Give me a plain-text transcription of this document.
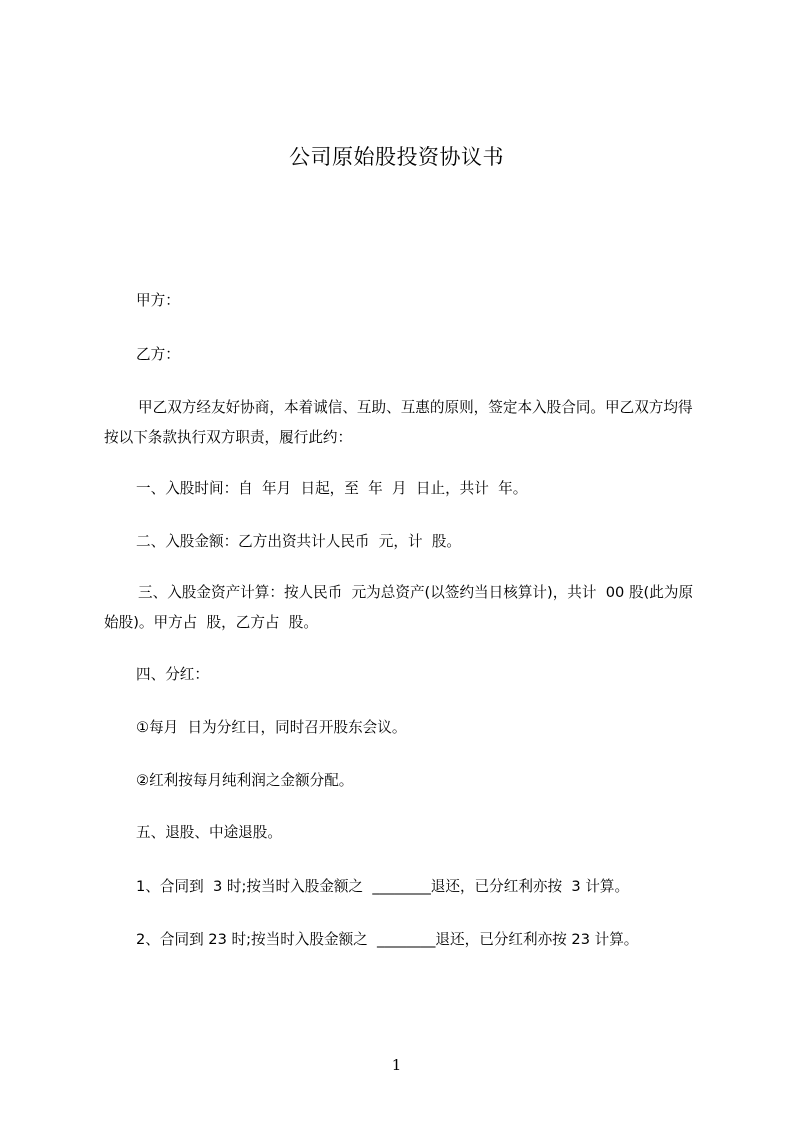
公司原始股投资协议书
甲方：
乙方：
甲乙双方经友好协商，本着诚信、互助、互惠的原则，签定本入股合同。甲乙双方均得按以下条款执行双方职责，履行此约：
一、入股时间：自  年月  日起，至  年  月  日止，共计  年。
二、入股金额：乙方出资共计人民币  元，计  股。
三、入股金资产计算：按人民币  元为总资产(以签约当日核算计)，共计  00 股(此为原始股)。甲方占  股，乙方占  股。
四、分红：
①每月  日为分红日，同时召开股东会议。
②红利按每月纯利润之金额分配。
五、退股、中途退股。
1、合同到  3 时;按当时入股金额之  ________退还，已分红利亦按  3 计算。
2、合同到 23 时;按当时入股金额之  ________退还，已分红利亦按 23 计算。
1
